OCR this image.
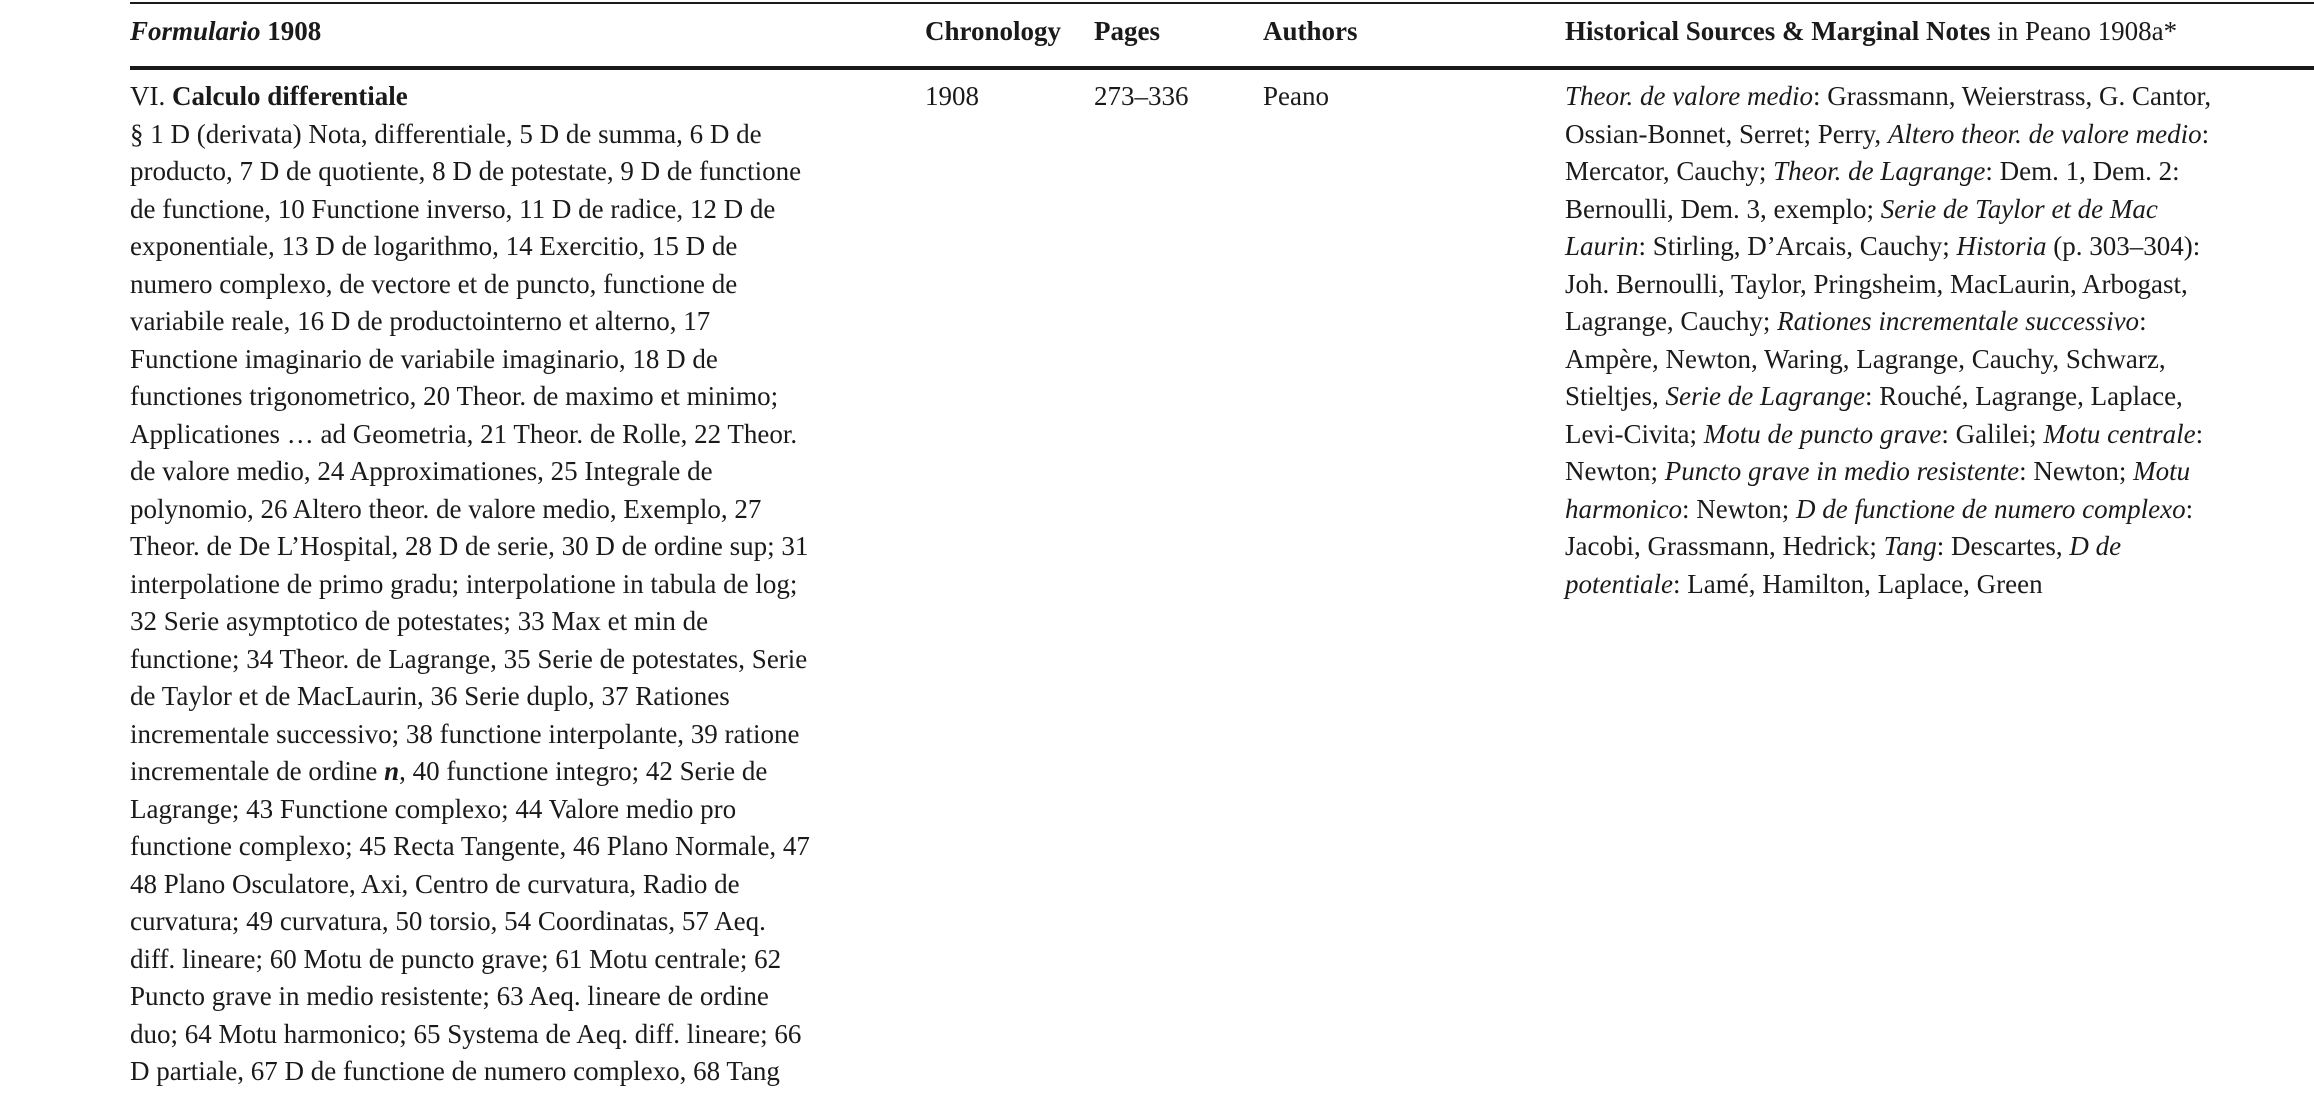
Formulario 1908	Chronology Pages	Authors	Historical Sources & Marginal Notes in Peano 1908a*
VI. Calculo differentiale
§ 1 D (derivata) Nota, differentiale, 5 D de summa, 6 D de
producto, 7 D de quotiente, 8 D de potestate, 9 D de functione
de functione, 10 Functione inverso, 11 D de radice, 12 D de
exponentiale, 13 D de logarithmo, 14 Exercitio, 15 D de
numero complexo, de vectore et de puncto, functione de
variabile reale, 16 D de productointerno et alterno, 17
Functione imaginario de variabile imaginario, 18 D de
functiones trigonometrico, 20 Theor. de maximo et minimo;
Applicationes … ad Geometria, 21 Theor. de Rolle, 22 Theor.
de valore medio, 24 Approximationes, 25 Integrale de
polynomio, 26 Altero theor. de valore medio, Exemplo, 27
Theor. de De L’Hospital, 28 D de serie, 30 D de ordine sup; 31
interpolatione de primo gradu; interpolatione in tabula de log;
32 Serie asymptotico de potestates; 33 Max et min de
functione; 34 Theor. de Lagrange, 35 Serie de potestates, Serie
de Taylor et de MacLaurin, 36 Serie duplo, 37 Rationes
incrementale successivo; 38 functione interpolante, 39 ratione
incrementale de ordine n, 40 functione integro; 42 Serie de
Lagrange; 43 Functione complexo; 44 Valore medio pro
functione complexo; 45 Recta Tangente, 46 Plano Normale, 47
48 Plano Osculatore, Axi, Centro de curvatura, Radio de
curvatura; 49 curvatura, 50 torsio, 54 Coordinatas, 57 Aeq.
diff. lineare; 60 Motu de puncto grave; 61 Motu centrale; 62
Puncto grave in medio resistente; 63 Aeq. lineare de ordine
duo; 64 Motu harmonico; 65 Systema de Aeq. diff. lineare; 66
D partiale, 67 D de functione de numero complexo, 68 Tang
1908	273–336	Peano	Theor. de valore medio: Grassmann, Weierstrass, G. Cantor,
Ossian-Bonnet, Serret; Perry, Altero theor. de valore medio:
Mercator, Cauchy; Theor. de Lagrange: Dem. 1, Dem. 2:
Bernoulli, Dem. 3, exemplo; Serie de Taylor et de Mac
Laurin: Stirling, D’Arcais, Cauchy; Historia (p. 303–304):
Joh. Bernoulli, Taylor, Pringsheim, MacLaurin, Arbogast,
Lagrange, Cauchy; Rationes incrementale successivo:
Ampère, Newton, Waring, Lagrange, Cauchy, Schwarz,
Stieltjes, Serie de Lagrange: Rouché, Lagrange, Laplace,
Levi-Civita; Motu de puncto grave: Galilei; Motu centrale:
Newton; Puncto grave in medio resistente: Newton; Motu
harmonico: Newton; D de functione de numero complexo:
Jacobi, Grassmann, Hedrick; Tang: Descartes, D de
potentiale: Lamé, Hamilton, Laplace, Green
